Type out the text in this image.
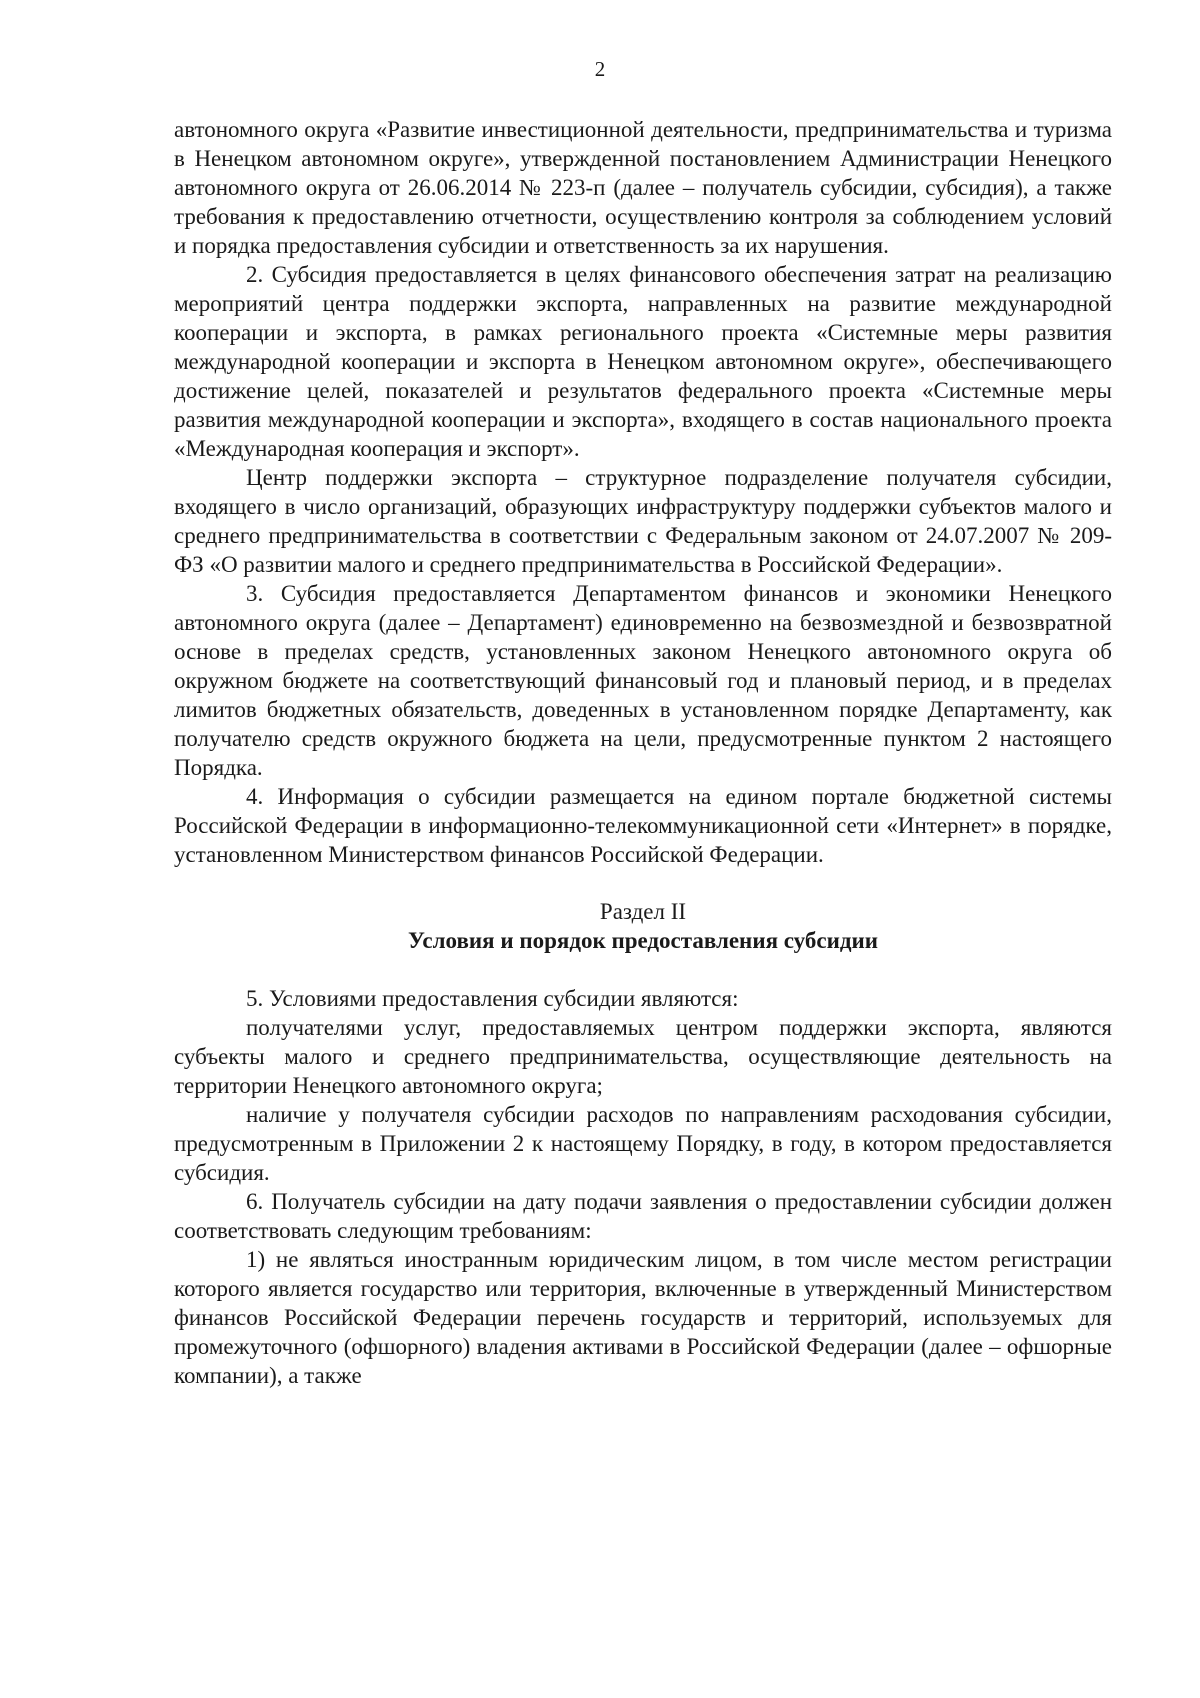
2

автономного округа «Развитие инвестиционной деятельности, предпринимательства и туризма в Ненецком автономном округе», утвержденной постановлением Администрации Ненецкого автономного округа от 26.06.2014 № 223-п (далее – получатель субсидии, субсидия), а также требования к предоставлению отчетности, осуществлению контроля за соблюдением условий и порядка предоставления субсидии и ответственность за их нарушения.

2. Субсидия предоставляется в целях финансового обеспечения затрат на реализацию мероприятий центра поддержки экспорта, направленных на развитие международной кооперации и экспорта, в рамках регионального проекта «Системные меры развития международной кооперации и экспорта в Ненецком автономном округе», обеспечивающего достижение целей, показателей и результатов федерального проекта «Системные меры развития международной кооперации и экспорта», входящего в состав национального проекта «Международная кооперация и экспорт».

Центр поддержки экспорта – структурное подразделение получателя субсидии, входящего в число организаций, образующих инфраструктуру поддержки субъектов малого и среднего предпринимательства в соответствии с Федеральным законом от 24.07.2007 № 209-ФЗ «О развитии малого и среднего предпринимательства в Российской Федерации».

3. Субсидия предоставляется Департаментом финансов и экономики Ненецкого автономного округа (далее – Департамент) единовременно на безвозмездной и безвозвратной основе в пределах средств, установленных законом Ненецкого автономного округа об окружном бюджете на соответствующий финансовый год и плановый период, и в пределах лимитов бюджетных обязательств, доведенных в установленном порядке Департаменту, как получателю средств окружного бюджета на цели, предусмотренные пунктом 2 настоящего Порядка.

4. Информация о субсидии размещается на едином портале бюджетной системы Российской Федерации в информационно-телекоммуникационной сети «Интернет» в порядке, установленном Министерством финансов Российской Федерации.

Раздел II
Условия и порядок предоставления субсидии

5. Условиями предоставления субсидии являются:

получателями услуг, предоставляемых центром поддержки экспорта, являются субъекты малого и среднего предпринимательства, осуществляющие деятельность на территории Ненецкого автономного округа;

наличие у получателя субсидии расходов по направлениям расходования субсидии, предусмотренным в Приложении 2 к настоящему Порядку, в году, в котором предоставляется субсидия.

6. Получатель субсидии на дату подачи заявления о предоставлении субсидии должен соответствовать следующим требованиям:

1) не являться иностранным юридическим лицом, в том числе местом регистрации которого является государство или территория, включенные в утвержденный Министерством финансов Российской Федерации перечень государств и территорий, используемых для промежуточного (офшорного) владения активами в Российской Федерации (далее – офшорные компании), а также
